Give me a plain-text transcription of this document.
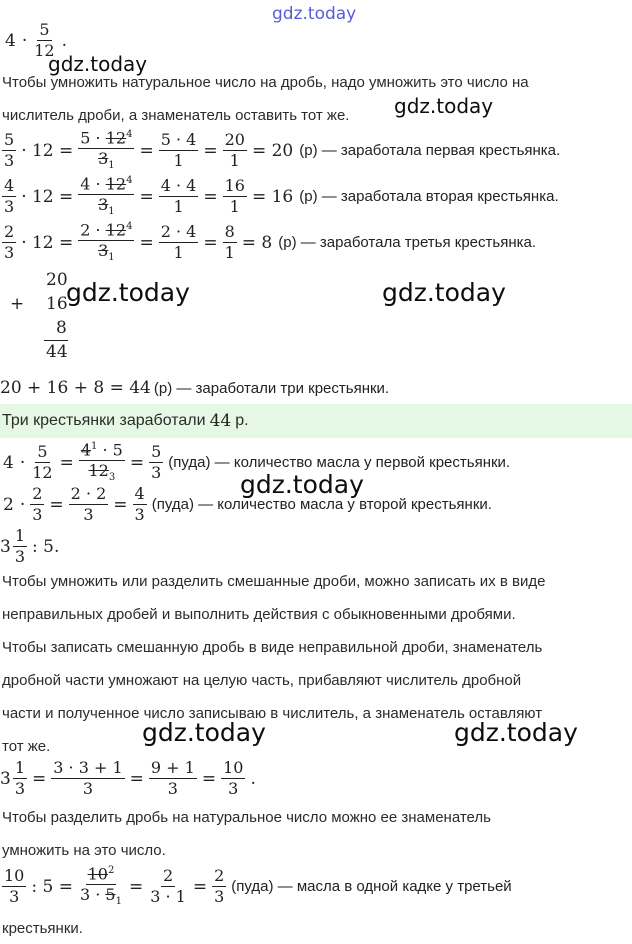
gdz.today
$4 \cdot \frac{5}{12}$ .
gdz.today
Чтобы умножить натуральное число на дробь, надо умножить это число на
числитель дроби, а знаменатель оставить тот же. gdz.today
$\frac{5}{3} \cdot 12 = \frac{5 \cdot 12^4}{3_1} = \frac{5 \cdot 4}{1} = \frac{20}{1} = 20$ (р) — заработала первая крестьянка.
$\frac{4}{3} \cdot 12 = \frac{4 \cdot 12^4}{3_1} = \frac{4 \cdot 4}{1} = \frac{16}{1} = 16$ (р) — заработала вторая крестьянка.
$\frac{2}{3} \cdot 12 = \frac{2 \cdot 12^4}{3_1} = \frac{2 \cdot 4}{1} = \frac{8}{1} = 8$ (р) — заработала третья крестьянка.
+
20
16
8
44
gdz.today	gdz.today
20 + 16 + 8 = 44 (р) — заработали три крестьянки.
Три крестьянки заработали 44 р.
$4 \cdot \frac{5}{12} = \frac{4^1 \cdot 5}{12_3} = \frac{5}{3}$ (пуда) — количество масла у первой крестьянки.
gdz.today
$2 \cdot \frac{2}{3} = \frac{2 \cdot 2}{3} = \frac{4}{3}$ (пуда) — количество масла у второй крестьянки.
$3 \frac{1}{3}$ : 5.
Чтобы умножить или разделить смешанные дроби, можно записать их в виде
неправильных дробей и выполнить действия с обыкновенными дробями.
Чтобы записать смешанную дробь в виде неправильной дроби, знаменатель
дробной части умножают на целую часть, прибавляют числитель дробной
части и полученное число записываю в числитель, а знаменатель оставляют
тот же.	gdz.today	gdz.today
$3 \frac{1}{3} = \frac{3 \cdot 3 + 1}{3} = \frac{9 + 1}{3} = \frac{10}{3}$ .
Чтобы разделить дробь на натуральное число можно ее знаменатель
умножить на это число.
$\frac{10}{3}$ : $5 = \frac{10^2}{3 \cdot 5_1} = \frac{2}{3 \cdot 1} = \frac{2}{3}$ (пуда) — масла в одной кадке у третьей
крестьянки.
